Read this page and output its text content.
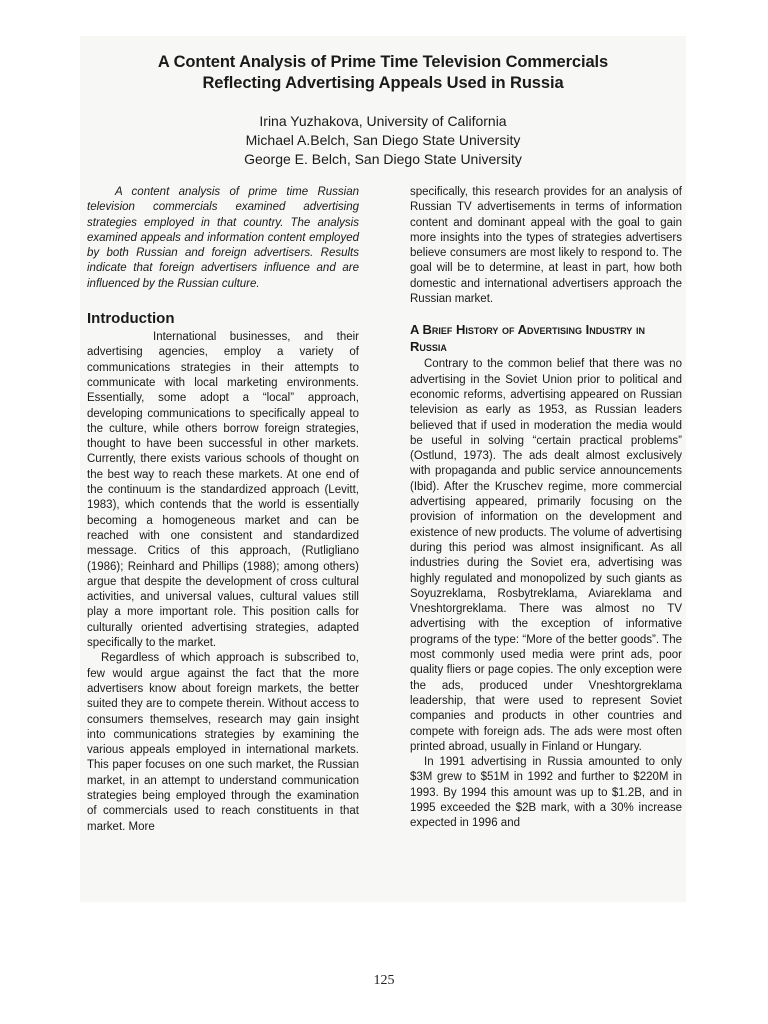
A Content Analysis of Prime Time Television Commercials
Reflecting Advertising Appeals Used in Russia
Irina Yuzhakova, University of California
Michael A.Belch, San Diego State University
George E. Belch, San Diego State University

A content analysis of prime time Russian television commercials examined advertising strategies employed in that country. The analysis examined appeals and information content employed by both Russian and foreign advertisers. Results indicate that foreign advertisers influence and are influenced by the Russian culture.

Introduction

International businesses, and their advertising agencies, employ a variety of communications strategies in their attempts to communicate with local marketing environments. Essentially, some adopt a “local” approach, developing communications to specifically appeal to the culture, while others borrow foreign strategies, thought to have been successful in other markets. Currently, there exists various schools of thought on the best way to reach these markets. At one end of the continuum is the standardized approach (Levitt, 1983), which contends that the world is essentially becoming a homogeneous market and can be reached with one consistent and standardized message. Critics of this approach, (Rutligliano (1986); Reinhard and Phillips (1988); among others) argue that despite the development of cross cultural activities, and universal values, cultural values still play a more important role. This position calls for culturally oriented advertising strategies, adapted specifically to the market.

Regardless of which approach is subscribed to, few would argue against the fact that the more advertisers know about foreign markets, the better suited they are to compete therein. Without access to consumers themselves, research may gain insight into communications strategies by examining the various appeals employed in international markets. This paper focuses on one such market, the Russian market, in an attempt to understand communication strategies being employed through the examination of commercials used to reach constituents in that market. More

specifically, this research provides for an analysis of Russian TV advertisements in terms of information content and dominant appeal with the goal to gain more insights into the types of strategies advertisers believe consumers are most likely to respond to. The goal will be to determine, at least in part, how both domestic and international advertisers approach the Russian market.

A Brief History of Advertising Industry in Russia

Contrary to the common belief that there was no advertising in the Soviet Union prior to political and economic reforms, advertising appeared on Russian television as early as 1953, as Russian leaders believed that if used in moderation the media would be useful in solving “certain practical problems” (Ostlund, 1973). The ads dealt almost exclusively with propaganda and public service announcements (Ibid). After the Kruschev regime, more commercial advertising appeared, primarily focusing on the provision of information on the development and existence of new products. The volume of advertising during this period was almost insignificant. As all industries during the Soviet era, advertising was highly regulated and monopolized by such giants as Soyuzreklama, Rosbytreklama, Aviareklama and Vneshtorgreklama. There was almost no TV advertising with the exception of informative programs of the type: “More of the better goods”. The most commonly used media were print ads, poor quality fliers or page copies. The only exception were the ads, produced under Vneshtorgreklama leadership, that were used to represent Soviet companies and products in other countries and compete with foreign ads. The ads were most often printed abroad, usually in Finland or Hungary.

In 1991 advertising in Russia amounted to only $3M grew to $51M in 1992 and further to $220M in 1993. By 1994 this amount was up to $1.2B, and in 1995 exceeded the $2B mark, with a 30% increase expected in 1996 and

125
